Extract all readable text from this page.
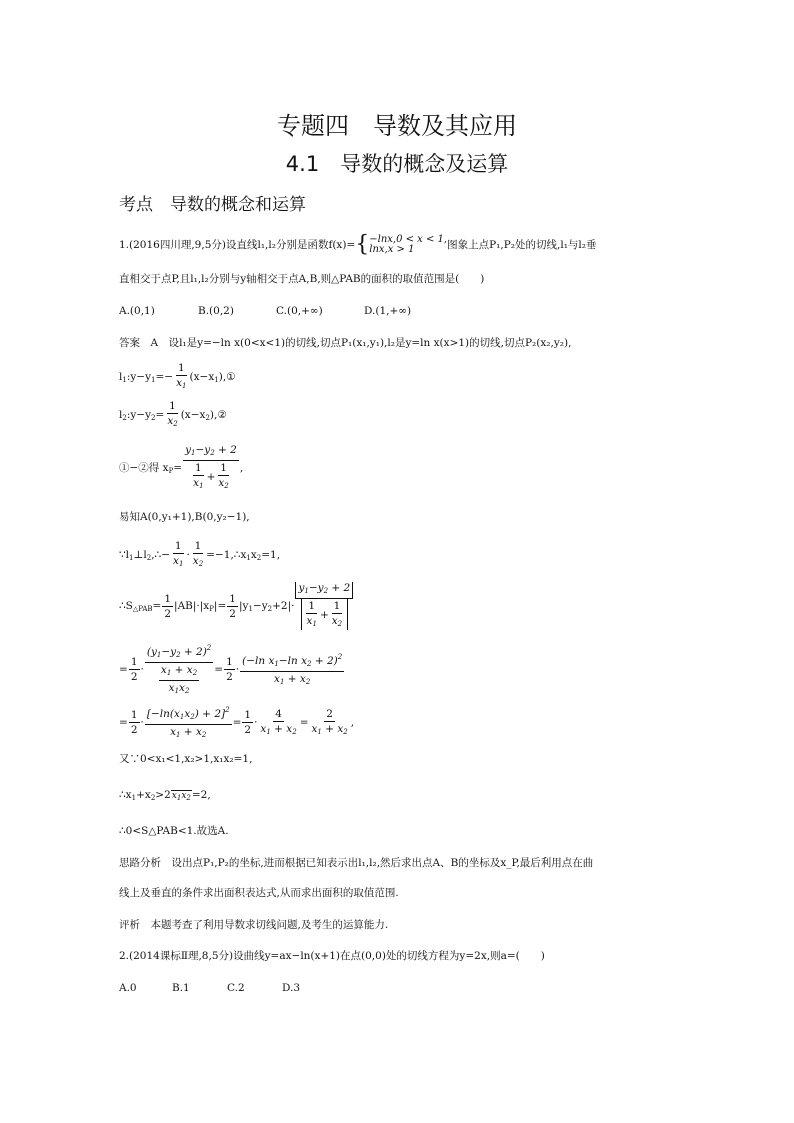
专题四　导数及其应用
4.1　导数的概念及运算
考点　导数的概念和运算
1.(2016四川理,9,5分)设直线l₁,l₂分别是函数f(x)={ −lnx,0 < x < 1,
lnx,x > 1	图象上点P₁,P₂处的切线,l₁与l₂垂
直相交于点P,且l₁,l₂分别与y轴相交于点A,B,则△PAB的面积的取值范围是(　　)
A.(0,1)	B.(0,2)	C.(0,+∞)	D.(1,+∞)
答案　A　设l₁是y=−ln x(0<x<1)的切线,切点P₁(x₁,y₁),l₂是y=ln x(x>1)的切线,切点P₂(x₂,y₂),
$l_1:y-y_1=- \frac{1}{x_1}$ $(x-x_1),①$
$l_2:y-y_2= \frac{1}{x_2}$ $(x-x_2),②$
①−②得 $x_P= \frac{y_1-y_2 + 2}{\frac{1}{x_1} + \frac{1}{x_2}}$ ,
易知A(0,y₁+1),B(0,y₂−1),
$\because l_1\perp l_2,\therefore- \frac{1}{x_1} \cdot \frac{1}{x_2}$ $=-1,\therefore x_1x_2=1$,
$\therefore S_{\triangle PAB}= \frac{1}{2} |AB|\cdot|x_P|= \frac{1}{2} |y_1-y_2+2|\cdot \frac{y_1-y_2 + 2}{\frac{1}{x_1} + \frac{1}{x_2}}$
= $\frac{1}{2} \cdot \frac{(y_1-y_2 + 2)^2}{\frac{x_1 + x_2}{x_1x_2}} = \frac{1}{2} \cdot \frac{(-\ln x_1-\ln x_2 + 2)^2}{x_1 + x_2}$
= $\frac{1}{2} \cdot \frac{[-\ln(x_1x_2) + 2]^2}{x_1 + x_2} = \frac{1}{2} \cdot \frac{4}{x_1 + x_2} = \frac{2}{x_1 + x_2}$ ,
又∵0<x₁<1,x₂>1,x₁x₂=1,
$\therefore x_1+x_2>2x_1x_2=2$,
∴0<S△PAB<1.故选A.
思路分析　设出点P₁,P₂的坐标,进而根据已知表示出l₁,l₂,然后求出点A、B的坐标及x_P,最后利用点在曲
线上及垂直的条件求出面积表达式,从而求出面积的取值范围.
评析　本题考查了利用导数求切线问题,及考生的运算能力.
2.(2014课标Ⅱ理,8,5分)设曲线y=ax−ln(x+1)在点(0,0)处的切线方程为y=2x,则a=(　　)
A.0	B.1	C.2	D.3
